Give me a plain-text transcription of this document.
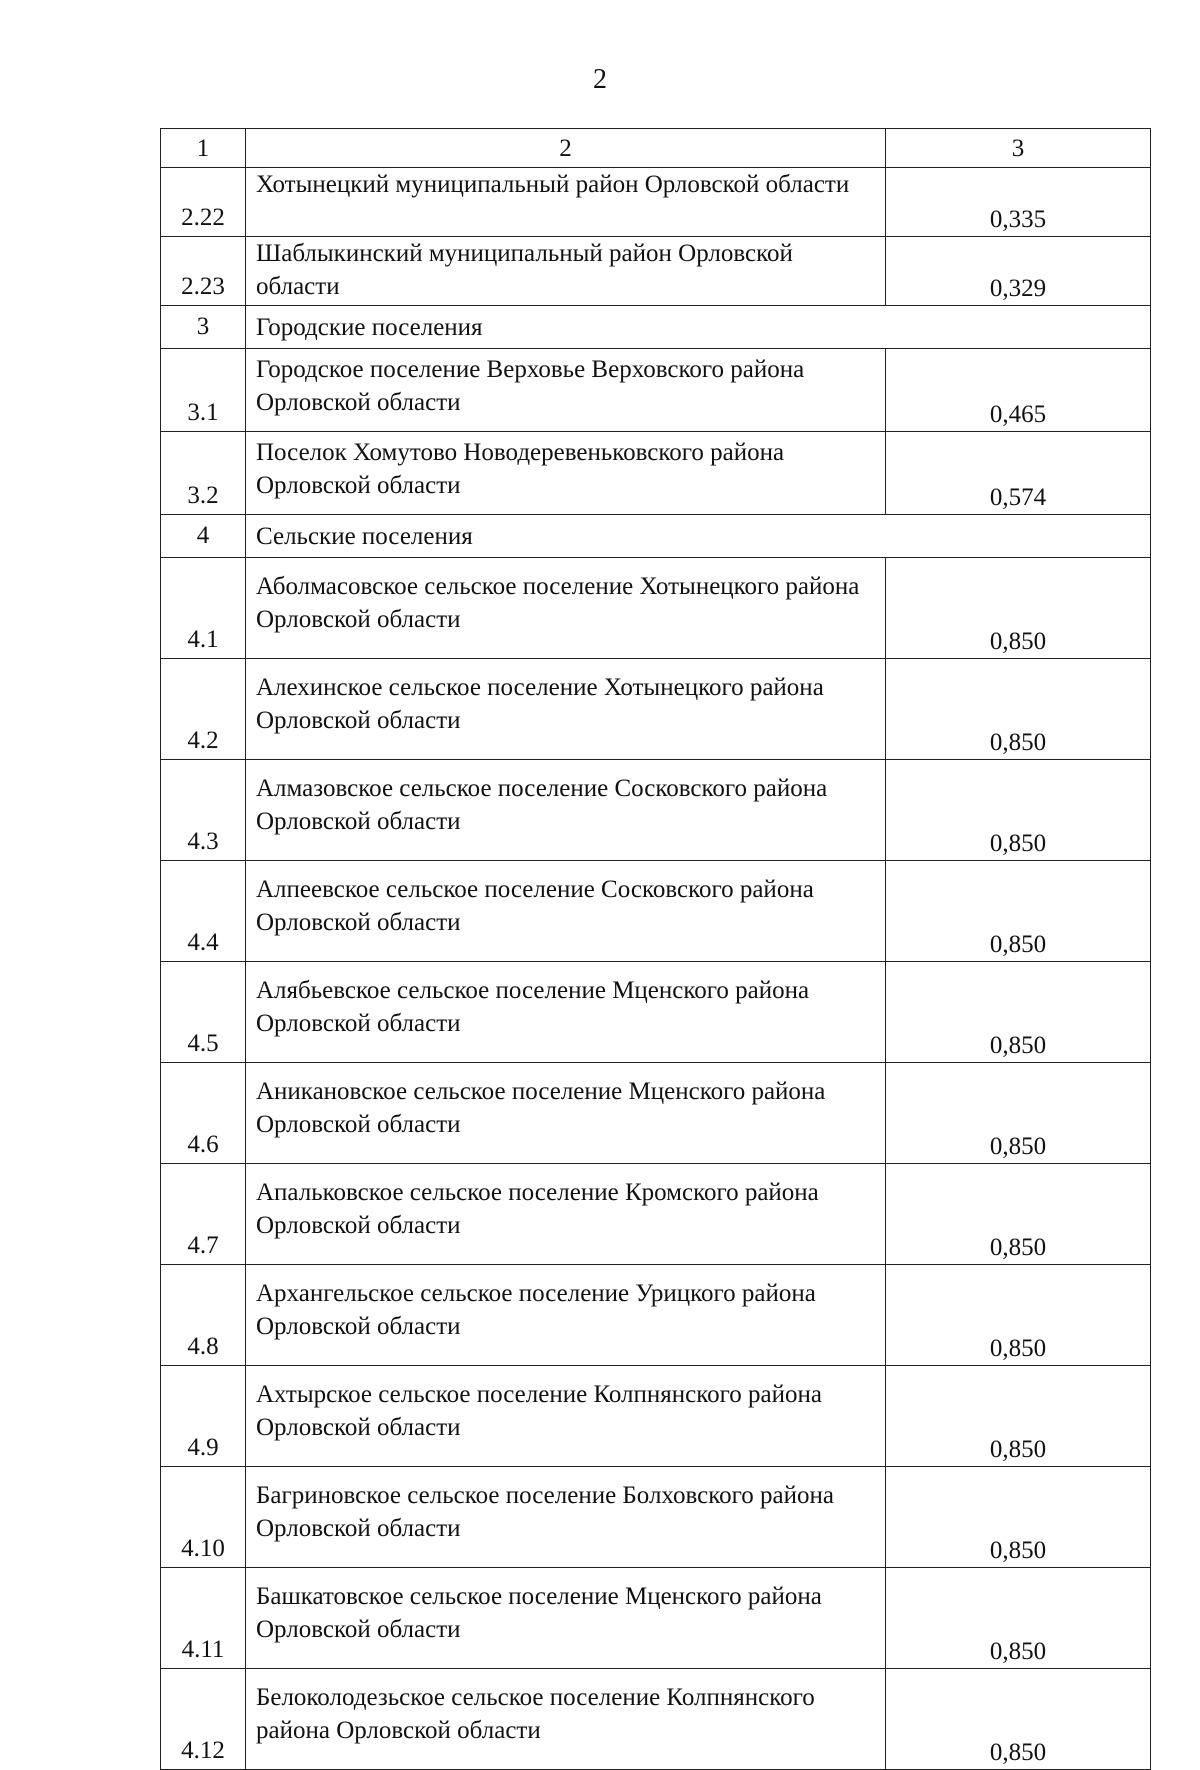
2
1	2	3
2.22	Хотынецкий муниципальный район Орловской области	0,335
2.23	Шаблыкинский муниципальный район Орловской области	0,329
3	Городские поселения	
3.1	Городское поселение Верховье Верховского района Орловской области	0,465
3.2	Поселок Хомутово Новодеревеньковского района Орловской области	0,574
4	Сельские поселения	
4.1	Аболмасовское сельское поселение Хотынецкого района Орловской области	0,850
4.2	Алехинское сельское поселение Хотынецкого района Орловской области	0,850
4.3	Алмазовское сельское поселение Сосковского района Орловской области	0,850
4.4	Алпеевское сельское поселение Сосковского района Орловской области	0,850
4.5	Алябьевское сельское поселение Мценского района Орловской области	0,850
4.6	Аникановское сельское поселение Мценского района Орловской области	0,850
4.7	Апальковское сельское поселение Кромского района Орловской области	0,850
4.8	Архангельское сельское поселение Урицкого района Орловской области	0,850
4.9	Ахтырское сельское поселение Колпнянского района Орловской области	0,850
4.10	Багриновское сельское поселение Болховского района Орловской области	0,850
4.11	Башкатовское сельское поселение Мценского района Орловской области	0,850
4.12	Белоколодезьское сельское поселение Колпнянского района Орловской области	0,850
